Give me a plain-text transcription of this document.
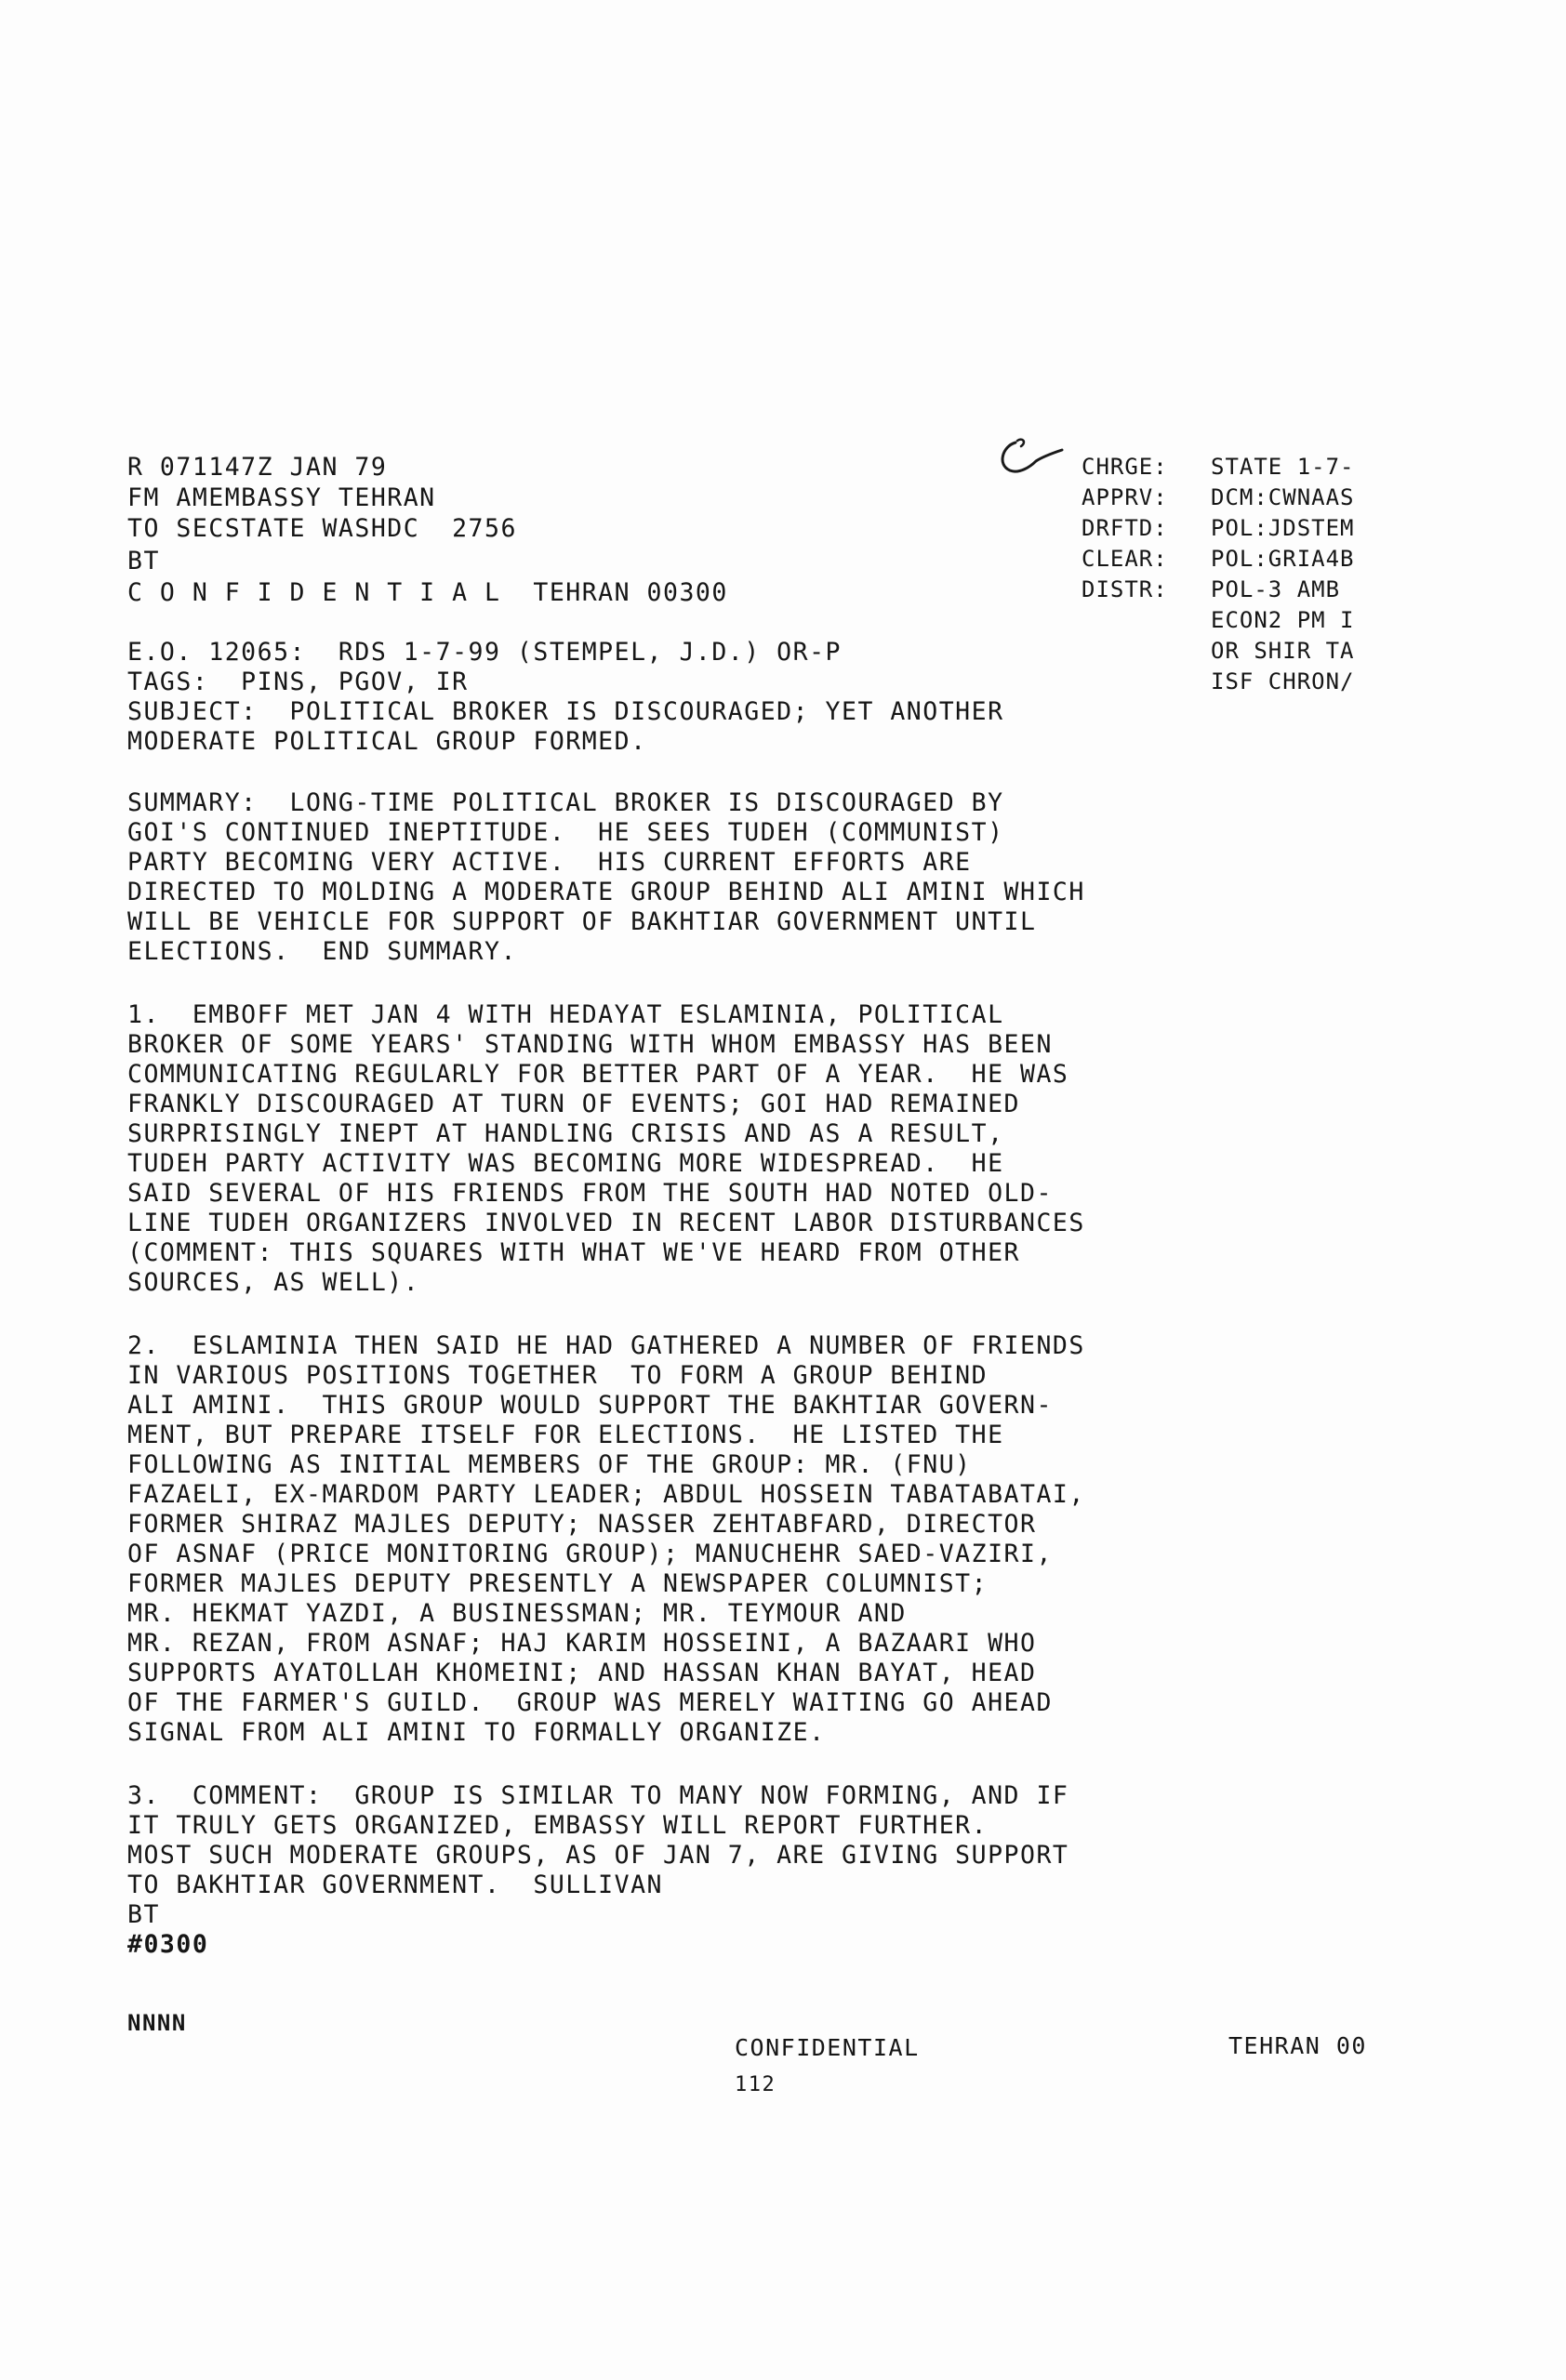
R 071147Z JAN 79
FM AMEMBASSY TEHRAN
TO SECSTATE WASHDC  2756
BT
C O N F I D E N T I A L  TEHRAN 00300
CHRGE:
APPRV:
DRFTD:
CLEAR:
DISTR:
STATE 1-7-
DCM:CWNAAS
POL:JDSTEM
POL:GRIA4B
POL-3 AMB
ECON2 PM I
OR SHIR TA
ISF CHRON/
E.O. 12065:  RDS 1-7-99 (STEMPEL, J.D.) OR-P
TAGS:  PINS, PGOV, IR
SUBJECT:  POLITICAL BROKER IS DISCOURAGED; YET ANOTHER
MODERATE POLITICAL GROUP FORMED.
SUMMARY:  LONG-TIME POLITICAL BROKER IS DISCOURAGED BY
GOI'S CONTINUED INEPTITUDE.  HE SEES TUDEH (COMMUNIST)
PARTY BECOMING VERY ACTIVE.  HIS CURRENT EFFORTS ARE
DIRECTED TO MOLDING A MODERATE GROUP BEHIND ALI AMINI WHICH
WILL BE VEHICLE FOR SUPPORT OF BAKHTIAR GOVERNMENT UNTIL
ELECTIONS.  END SUMMARY.
1.  EMBOFF MET JAN 4 WITH HEDAYAT ESLAMINIA, POLITICAL
BROKER OF SOME YEARS' STANDING WITH WHOM EMBASSY HAS BEEN
COMMUNICATING REGULARLY FOR BETTER PART OF A YEAR.  HE WAS
FRANKLY DISCOURAGED AT TURN OF EVENTS; GOI HAD REMAINED
SURPRISINGLY INEPT AT HANDLING CRISIS AND AS A RESULT,
TUDEH PARTY ACTIVITY WAS BECOMING MORE WIDESPREAD.  HE
SAID SEVERAL OF HIS FRIENDS FROM THE SOUTH HAD NOTED OLD-
LINE TUDEH ORGANIZERS INVOLVED IN RECENT LABOR DISTURBANCES
(COMMENT: THIS SQUARES WITH WHAT WE'VE HEARD FROM OTHER
SOURCES, AS WELL).
2.  ESLAMINIA THEN SAID HE HAD GATHERED A NUMBER OF FRIENDS
IN VARIOUS POSITIONS TOGETHER  TO FORM A GROUP BEHIND
ALI AMINI.  THIS GROUP WOULD SUPPORT THE BAKHTIAR GOVERN-
MENT, BUT PREPARE ITSELF FOR ELECTIONS.  HE LISTED THE
FOLLOWING AS INITIAL MEMBERS OF THE GROUP: MR. (FNU)
FAZAELI, EX-MARDOM PARTY LEADER; ABDUL HOSSEIN TABATABATAI,
FORMER SHIRAZ MAJLES DEPUTY; NASSER ZEHTABFARD, DIRECTOR
OF ASNAF (PRICE MONITORING GROUP); MANUCHEHR SAED-VAZIRI,
FORMER MAJLES DEPUTY PRESENTLY A NEWSPAPER COLUMNIST;
MR. HEKMAT YAZDI, A BUSINESSMAN; MR. TEYMOUR AND
MR. REZAN, FROM ASNAF; HAJ KARIM HOSSEINI, A BAZAARI WHO
SUPPORTS AYATOLLAH KHOMEINI; AND HASSAN KHAN BAYAT, HEAD
OF THE FARMER'S GUILD.  GROUP WAS MERELY WAITING GO AHEAD
SIGNAL FROM ALI AMINI TO FORMALLY ORGANIZE.
3.  COMMENT:  GROUP IS SIMILAR TO MANY NOW FORMING, AND IF
IT TRULY GETS ORGANIZED, EMBASSY WILL REPORT FURTHER.
MOST SUCH MODERATE GROUPS, AS OF JAN 7, ARE GIVING SUPPORT
TO BAKHTIAR GOVERNMENT.  SULLIVAN
BT
#0300
NNNN
CONFIDENTIAL	TEHRAN 00
112
